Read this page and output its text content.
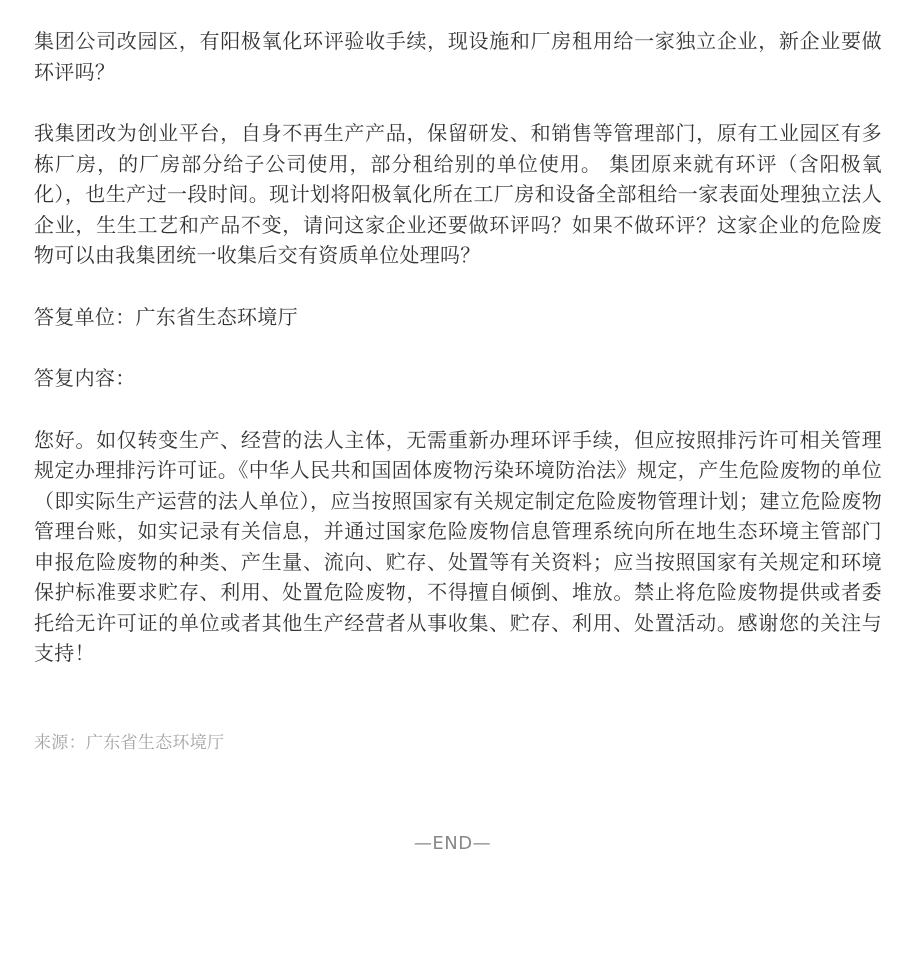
集团公司改园区，有阳极氧化环评验收手续，现设施和厂房租用给一家独立企业，新企业要做环评吗？

我集团改为创业平台，自身不再生产产品，保留研发、和销售等管理部门，原有工业园区有多栋厂房，的厂房部分给子公司使用，部分租给别的单位使用。 集团原来就有环评（含阳极氧化），也生产过一段时间。现计划将阳极氧化所在工厂房和设备全部租给一家表面处理独立法人企业，生生工艺和产品不变，请问这家企业还要做环评吗？如果不做环评？这家企业的危险废物可以由我集团统一收集后交有资质单位处理吗？

答复单位：广东省生态环境厅

答复内容：

您好。如仅转变生产、经营的法人主体，无需重新办理环评手续，但应按照排污许可相关管理规定办理排污许可证。《中华人民共和国固体废物污染环境防治法》规定，产生危险废物的单位（即实际生产运营的法人单位），应当按照国家有关规定制定危险废物管理计划；建立危险废物管理台账，如实记录有关信息，并通过国家危险废物信息管理系统向所在地生态环境主管部门申报危险废物的种类、产生量、流向、贮存、处置等有关资料；应当按照国家有关规定和环境保护标准要求贮存、利用、处置危险废物，不得擅自倾倒、堆放。禁止将危险废物提供或者委托给无许可证的单位或者其他生产经营者从事收集、贮存、利用、处置活动。感谢您的关注与支持！

来源：广东省生态环境厅
—END—
